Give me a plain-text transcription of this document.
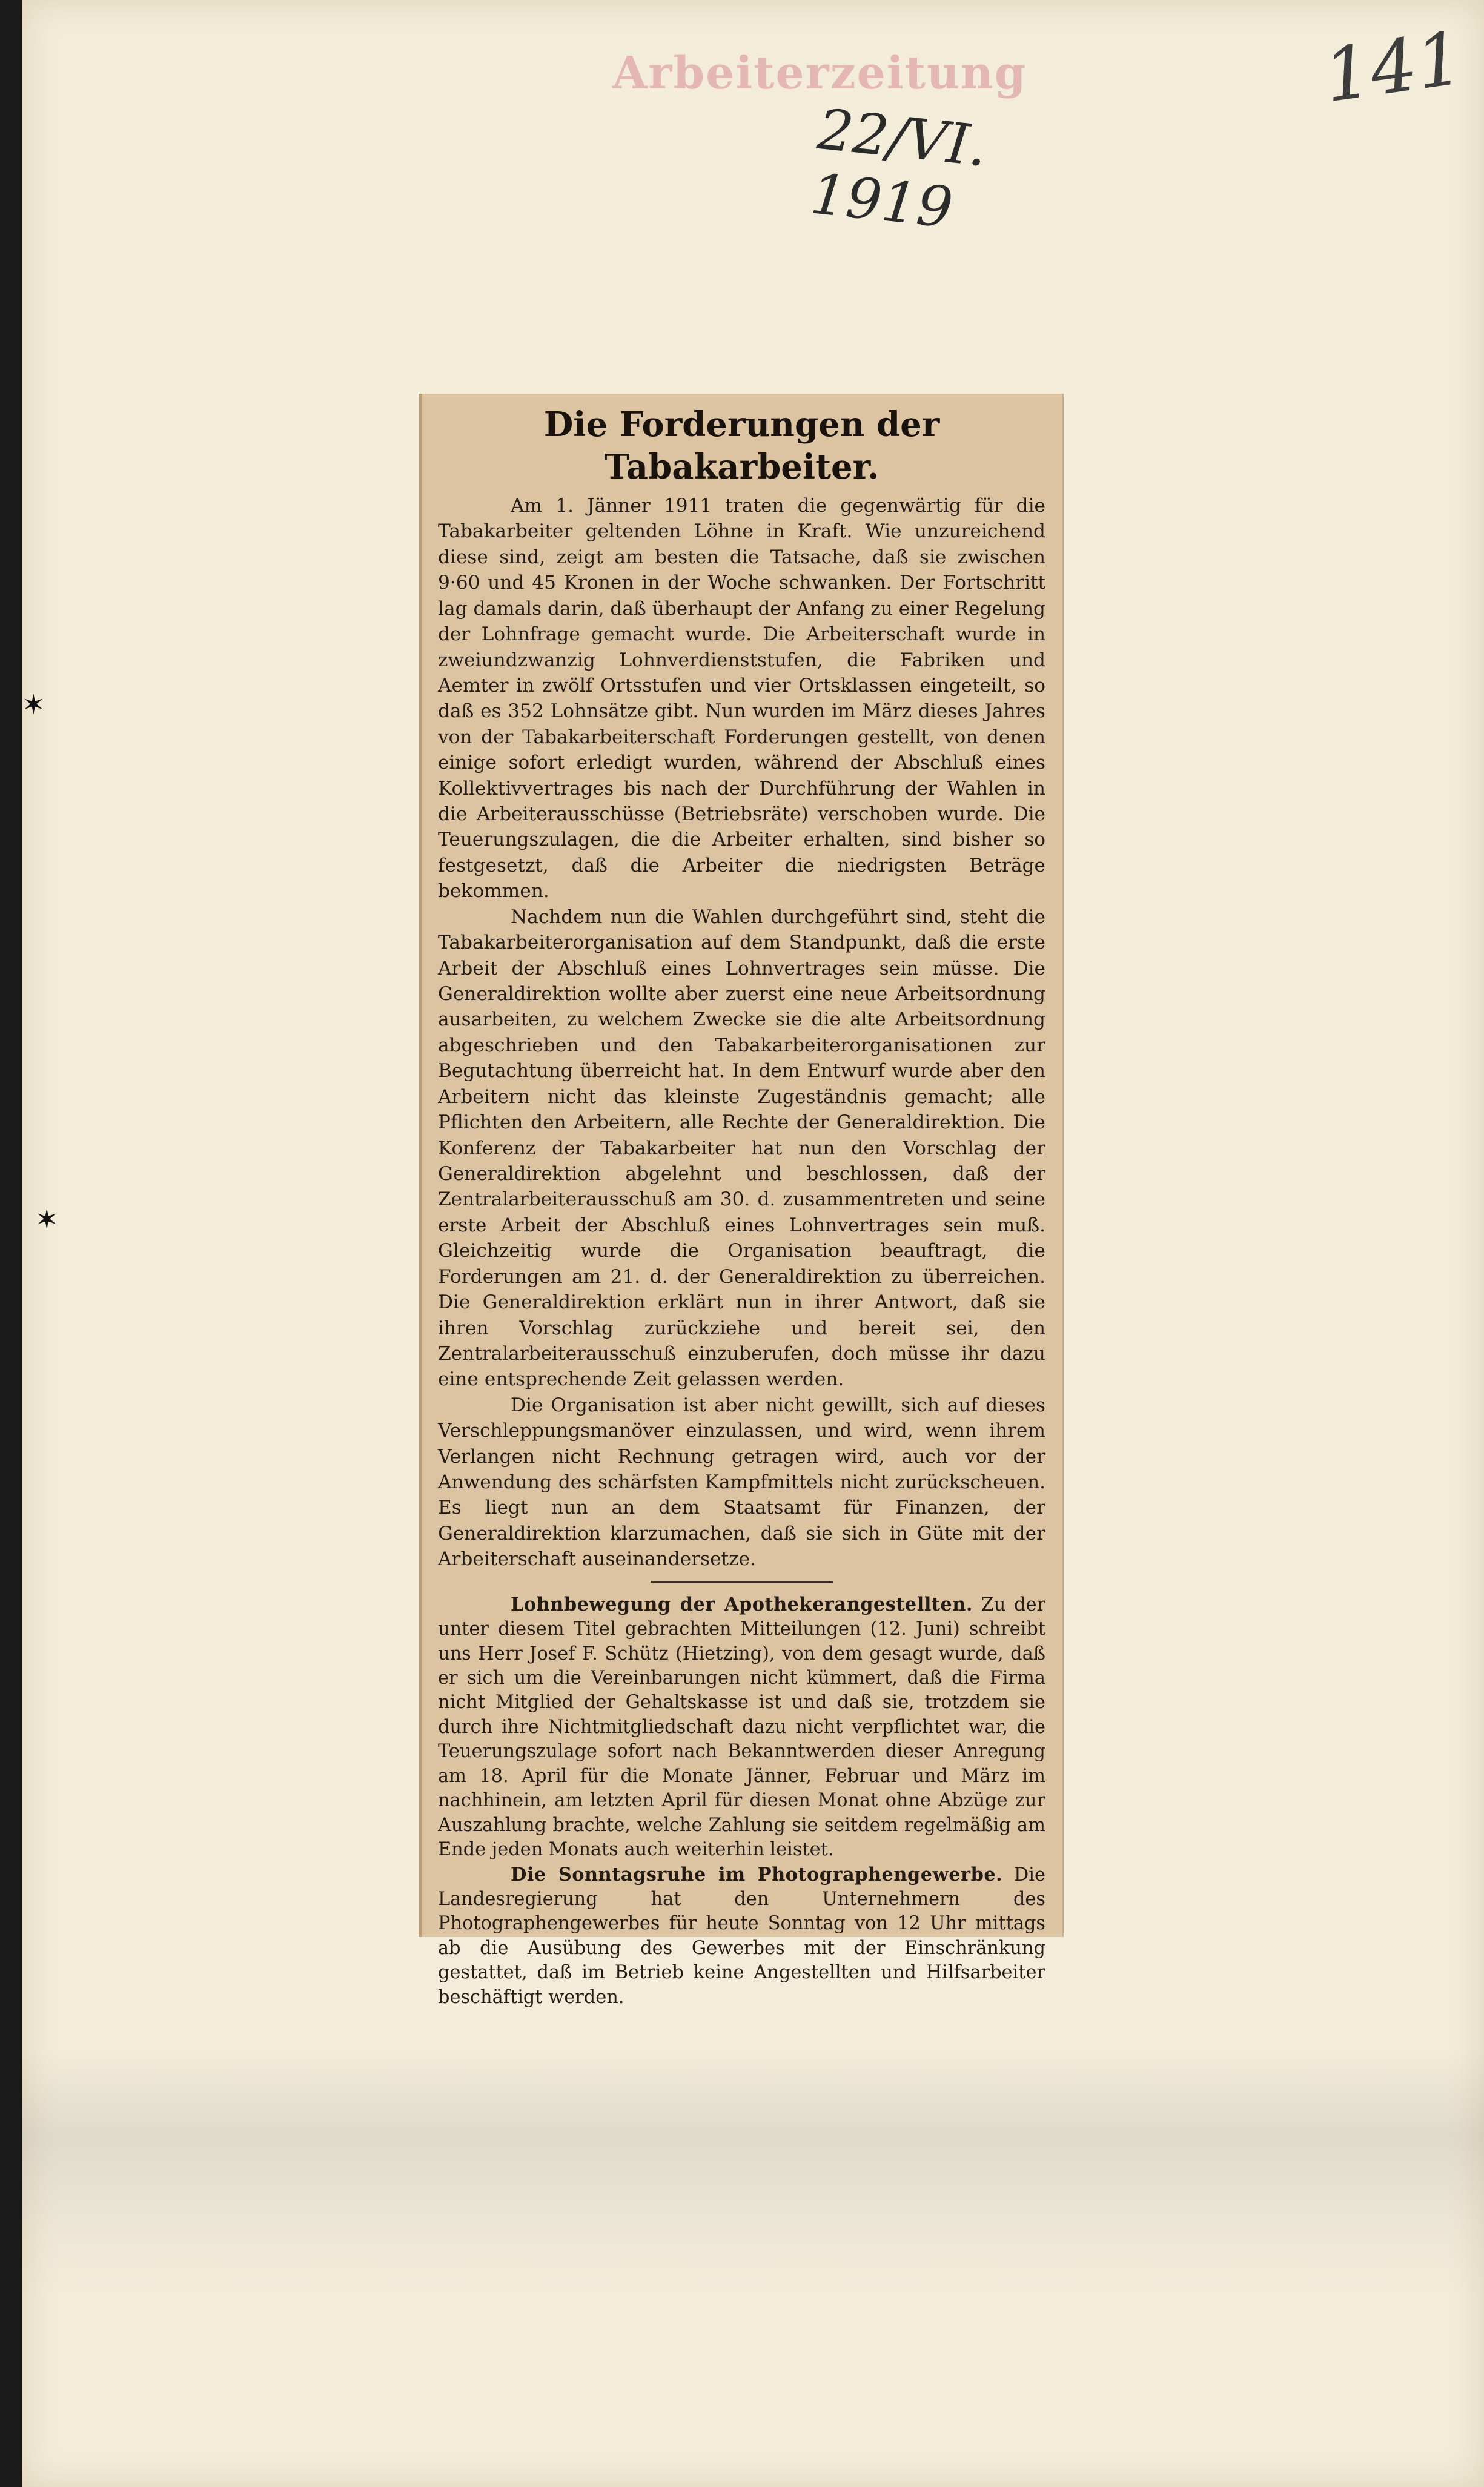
Arbeiterzeitung
22/VI. 1919
141
✶
✶
Die Forderungen der Tabakarbeiter.

Am 1. Jänner 1911 traten die gegenwärtig für die Tabakarbeiter geltenden Löhne in Kraft. Wie unzureichend diese sind, zeigt am besten die Tatsache, daß sie zwischen 9·60 und 45 Kronen in der Woche schwanken. Der Fortschritt lag damals darin, daß überhaupt der Anfang zu einer Regelung der Lohnfrage gemacht wurde. Die Arbeiterschaft wurde in zweiundzwanzig Lohnverdienststufen, die Fabriken und Aemter in zwölf Ortsstufen und vier Ortsklassen eingeteilt, so daß es 352 Lohnsätze gibt. Nun wurden im März dieses Jahres von der Tabakarbeiterschaft Forderungen gestellt, von denen einige sofort erledigt wurden, während der Abschluß eines Kollektivvertrages bis nach der Durchführung der Wahlen in die Arbeiterausschüsse (Betriebsräte) verschoben wurde. Die Teuerungszulagen, die die Arbeiter erhalten, sind bisher so festgesetzt, daß die Arbeiter die niedrigsten Beträge bekommen.

Nachdem nun die Wahlen durchgeführt sind, steht die Tabakarbeiterorganisation auf dem Standpunkt, daß die erste Arbeit der Abschluß eines Lohnvertrages sein müsse. Die Generaldirektion wollte aber zuerst eine neue Arbeitsordnung ausarbeiten, zu welchem Zwecke sie die alte Arbeitsordnung abgeschrieben und den Tabakarbeiterorganisationen zur Begutachtung überreicht hat. In dem Entwurf wurde aber den Arbeitern nicht das kleinste Zugeständnis gemacht; alle Pflichten den Arbeitern, alle Rechte der Generaldirektion. Die Konferenz der Tabakarbeiter hat nun den Vorschlag der Generaldirektion abgelehnt und beschlossen, daß der Zentralarbeiterausschuß am 30. d. zusammentreten und seine erste Arbeit der Abschluß eines Lohnvertrages sein muß. Gleichzeitig wurde die Organisation beauftragt, die Forderungen am 21. d. der Generaldirektion zu überreichen. Die Generaldirektion erklärt nun in ihrer Antwort, daß sie ihren Vorschlag zurückziehe und bereit sei, den Zentralarbeiterausschuß einzuberufen, doch müsse ihr dazu eine entsprechende Zeit gelassen werden.

Die Organisation ist aber nicht gewillt, sich auf dieses Verschleppungsmanöver einzulassen, und wird, wenn ihrem Verlangen nicht Rechnung getragen wird, auch vor der Anwendung des schärfsten Kampfmittels nicht zurückscheuen. Es liegt nun an dem Staatsamt für Finanzen, der Generaldirektion klarzumachen, daß sie sich in Güte mit der Arbeiterschaft auseinandersetze.

Lohnbewegung der Apothekerangestellten. Zu der unter diesem Titel gebrachten Mitteilungen (12. Juni) schreibt uns Herr Josef F. Schütz (Hietzing), von dem gesagt wurde, daß er sich um die Vereinbarungen nicht kümmert, daß die Firma nicht Mitglied der Gehaltskasse ist und daß sie, trotzdem sie durch ihre Nichtmitgliedschaft dazu nicht verpflichtet war, die Teuerungszulage sofort nach Bekanntwerden dieser Anregung am 18. April für die Monate Jänner, Februar und März im nachhinein, am letzten April für diesen Monat ohne Abzüge zur Auszahlung brachte, welche Zahlung sie seitdem regelmäßig am Ende jeden Monats auch weiterhin leistet.

Die Sonntagsruhe im Photographengewerbe. Die Landesregierung hat den Unternehmern des Photographengewerbes für heute Sonntag von 12 Uhr mittags ab die Ausübung des Gewerbes mit der Einschränkung gestattet, daß im Betrieb keine Angestellten und Hilfsarbeiter beschäftigt werden.
